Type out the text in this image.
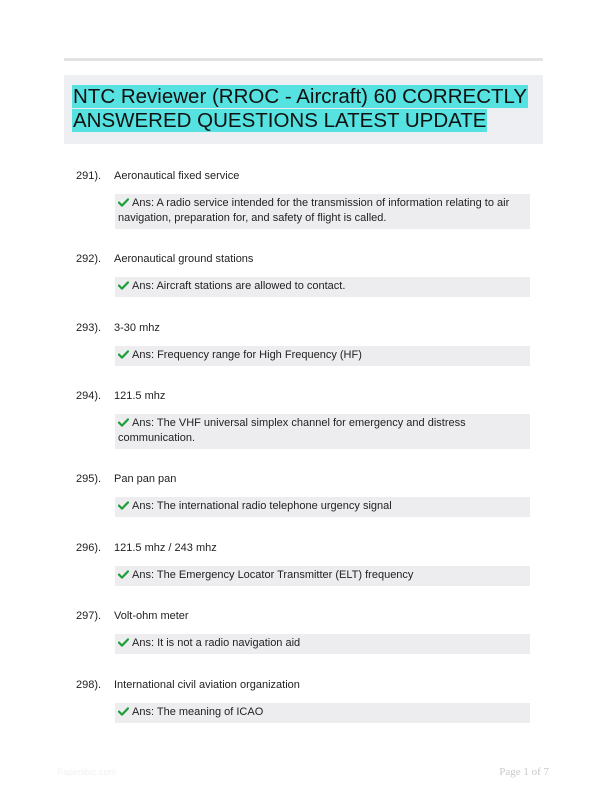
NTC Reviewer (RROC - Aircraft) 60 CORRECTLY ANSWERED QUESTIONS LATEST UPDATE
291). Aeronautical fixed service
Ans: A radio service intended for the transmission of information relating to air navigation, preparation for, and safety of flight is called.
292). Aeronautical ground stations
Ans: Aircraft stations are allowed to contact.
293). 3-30 mhz
Ans: Frequency range for High Frequency (HF)
294). 121.5 mhz
Ans: The VHF universal simplex channel for emergency and distress communication.
295). Pan pan pan
Ans: The international radio telephone urgency signal
296). 121.5 mhz / 243 mhz
Ans: The Emergency Locator Transmitter (ELT) frequency
297). Volt-ohm meter
Ans: It is not a radio navigation aid
298). International civil aviation organization
Ans: The meaning of ICAO
Paperlibic.com	Page 1 of 7
